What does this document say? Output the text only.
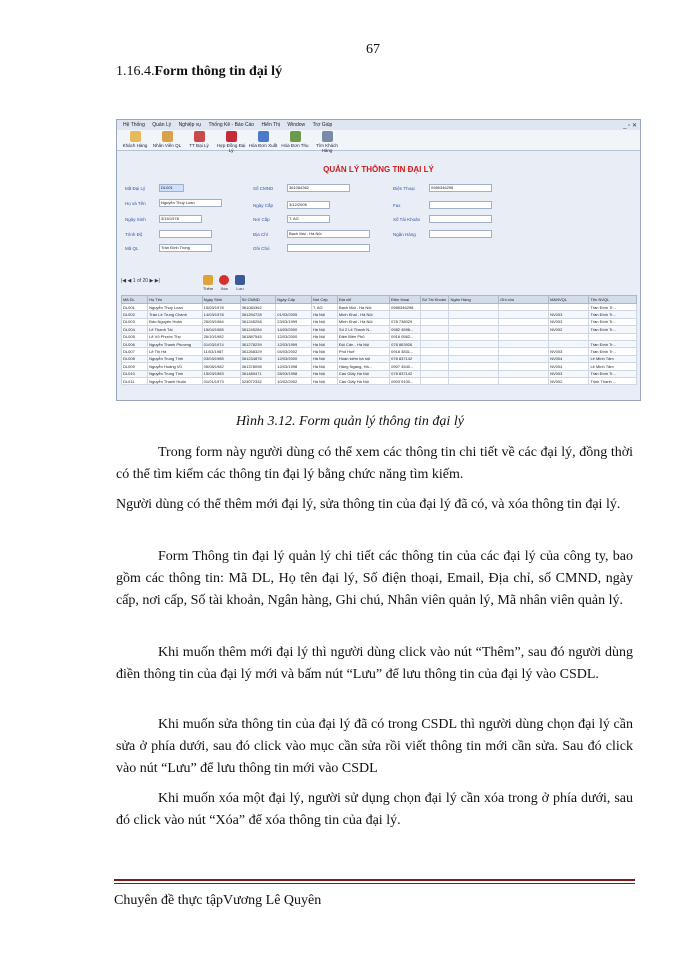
67
1.16.4.Form thông tin đại lý
Hệ Thống Quản Lý Nghiệp vụ Thống Kê - Báo Cáo Hiển Thị Window Trợ Giúp	_ ▫ ✕
Khách Hàng	Nhân Viên QL	TT Đại Lý	Hợp Đồng Đại Lý
Hóa Đơn Xuất Hóa Đơn Thu	Tìm Khách Hàng
QUẢN LÝ THÔNG TIN ĐẠI LÝ
Mã Đại Lý	DL001
Họ và Tên	Nguyễn Thuý Loan
Ngày Sinh	3/15/1978
Trình Độ
Mã QL	Trần Đình Trọng
Số CMND	361084362
Ngày Cấp	3/12/2005
Nơi Cấp	T. AG
Địa Chỉ	Bạch Mai - Hà Nội
Ghi Chú
Điện Thoại	0985346298
Fax
Số Tài Khoản
Ngân Hàng
|◀ ◀ 1 of 20 ▶ ▶|
Thêm	Xóa	Lưu
Mã DL	Họ Tên	Ngày Sinh	Số CMND	Ngày Cấp	Nơi Cấp	Địa chỉ	Điện thoại	Số Tài Khoản	Ngân Hàng	Ghi chú	MANVQL	Tên NVQL
DL001	Nguyễn Thuý Loan	15/03/1978	361084362		T. AG	Bạch Mai - Hà Nội	0985346298					Trần Đình Tr...
DL002	Trần Lê Trung Chánh	14/03/1978	361294728	01/03/2005	Hà Nội	Minh Khai - Hà Nội					NV003	Trần Đình Tr...
DL003	Đào Nguyên Hoàn	25/03/1984	361245258	23/03/1999	Hà Nội	Minh Khai - Hà Nội	078 738029				NV003	Trần Đình Tr...
DL004	Lê Thanh Tài	15/04/1985	361245284	14/03/2000	Hà Nội	Số 2 Lê Thanh N...	0982 4598...				NV002	Trần Đình Tr...
DL005	Lê Võ Phước Thọ	26/10/1982	361887545	12/03/2000	Hà Nội	Điện Biên Phủ	0918 0562...					
DL006	Nguyễn Thanh Phương	01/03/1974	361278239	12/03/1999	Hà Nội	Đội Cấn - Hà Nội	078 863926					Trần Đình Tr...
DL007	Lê Thị Hà	11/03/1987	361268329	04/03/2002	Hà Nội	Phố Huế	0918 3831...				NV003	Trần Đình Tr...
DL008	Nguyễn Trung Tính	03/03/1985	361234876	12/03/2000	Hà Nội	Hoàn kiếm hà nội	078 837142				NV004	Lê Minh Tâm
DL009	Nguyễn Hoàng Vũ	05/08/1982	361378098	12/03/1998	Hà Nội	Hàng Ngang, Hà...	0907 4540...				NV004	Lê Minh Tâm
DL010	Nguyễn Trung Tính	15/03/1983	361480471	28/03/1998	Hà Nội	Cầu Giấy Hà Nội	078 837142				NV003	Trần Đình Tr...
DL011	Nguyễn Thanh Huấn	01/01/1973	324072332	10/02/2002	Hà Nội	Cầu Giấy Hà Nội	0903 9100...				NV002	Trịnh Thanh ...
Hình 3.12. Form quản lý thông tin đại lý

Trong form này người dùng có thể xem các thông tin chi tiết về các đại lý, đồng thời có thể tìm kiếm các thông tin đại lý bằng chức năng tìm kiếm.

Người dùng có thể thêm mới đại lý, sửa thông tin của đại lý đã có, và xóa thông tin đại lý.

Form Thông tin đại lý quản lý chi tiết các thông tin của các đại lý của công ty, bao gồm các thông tin: Mã DL, Họ tên đại lý, Số điện thoại, Email, Địa chỉ, số CMND, ngày cấp, nơi cấp, Số tài khoản, Ngân hàng, Ghi chú, Nhân viên quản lý, Mã nhân viên quản lý.

Khi muốn thêm mới đại lý thì người dùng click vào nút “Thêm”, sau đó người dùng điền thông tin của đại lý mới và bấm nút “Lưu” để lưu thông tin của đại lý vào CSDL.

Khi muốn sửa thông tin của đại lý đã có trong CSDL thì người dùng chọn đại lý cần sửa ở phía dưới, sau đó click vào mục cần sửa rồi viết thông tin mới cần sửa. Sau đó click vào nút “Lưu” để lưu thông tin mới vào CSDL

Khi muốn xóa một đại lý, người sử dụng chọn đại lý cần xóa trong ở phía dưới, sau đó click vào nút “Xóa” để xóa thông tin của đại lý.

Chuyên đề thực tậpVương Lê Quyên
